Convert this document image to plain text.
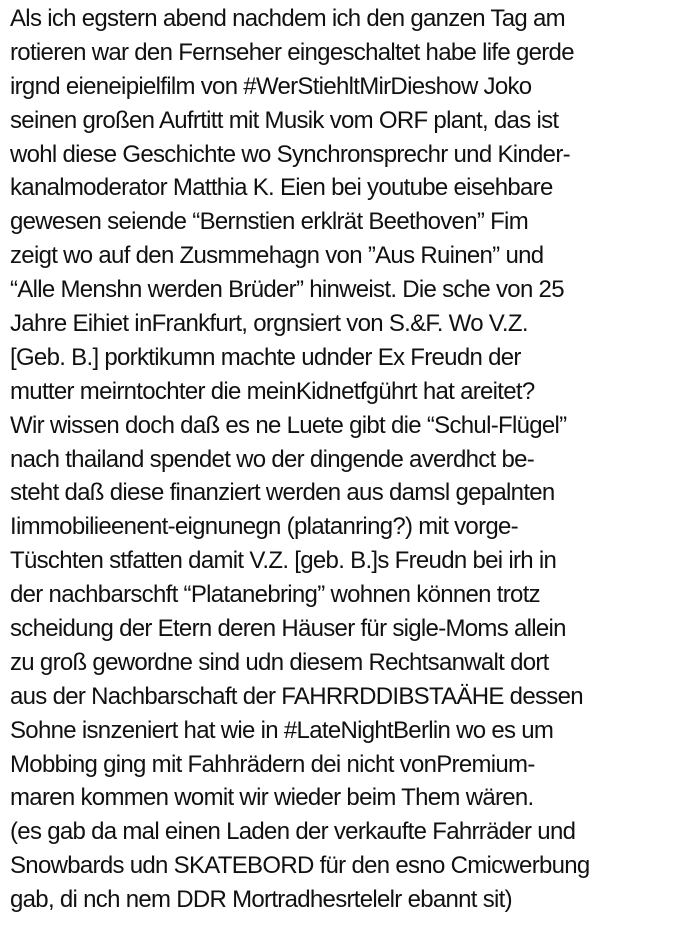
Als ich egstern abend nachdem ich den ganzen Tag am
rotieren war den Fernseher eingeschaltet habe life gerde
irgnd eieneipielfilm von #WerStiehltMirDieshow Joko
seinen großen Aufrtitt mit Musik vom ORF plant, das ist
wohl diese Geschichte wo Synchronsprechr und Kinder-
kanalmoderator Matthia K. Eien bei youtube eisehbare
gewesen seiende “Bernstien erklrät Beethoven” Fim
zeigt wo auf den Zusmmehagn von ”Aus Ruinen” und
“Alle Menshn werden Brüder” hinweist. Die sche von 25
Jahre Eihiet inFrankfurt, orgnsiert von S.&F. Wo V.Z.
[Geb. B.] porktikumn machte udnder Ex Freudn der
mutter meirntochter die meinKidnetfgührt hat areitet?
Wir wissen doch daß es ne Luete gibt die “Schul-Flügel”
nach thailand spendet wo der dingende averdhct be-
steht daß diese finanziert werden aus damsl gepalnten
Iimmobilieenent-eignunegn (platanring?) mit vorge-
Tüschten stfatten damit V.Z. [geb. B.]s Freudn bei irh in
der nachbarschft “Platanebring” wohnen können trotz
scheidung der Etern deren Häuser für sigle-Moms allein
zu groß gewordne sind udn diesem Rechtsanwalt dort
aus der Nachbarschaft der FAHRRDDIBSTAÄHE dessen
Sohne isnzeniert hat wie in #LateNightBerlin wo es um
Mobbing ging mit Fahhrädern dei nicht vonPremium-
maren kommen womit wir wieder beim Them wären.
(es gab da mal einen Laden der verkaufte Fahrräder und
Snowbards udn SKATEBORD für den esno Cmicwerbung
gab, di nch nem DDR Mortradhesrtelelr ebannt sit)
